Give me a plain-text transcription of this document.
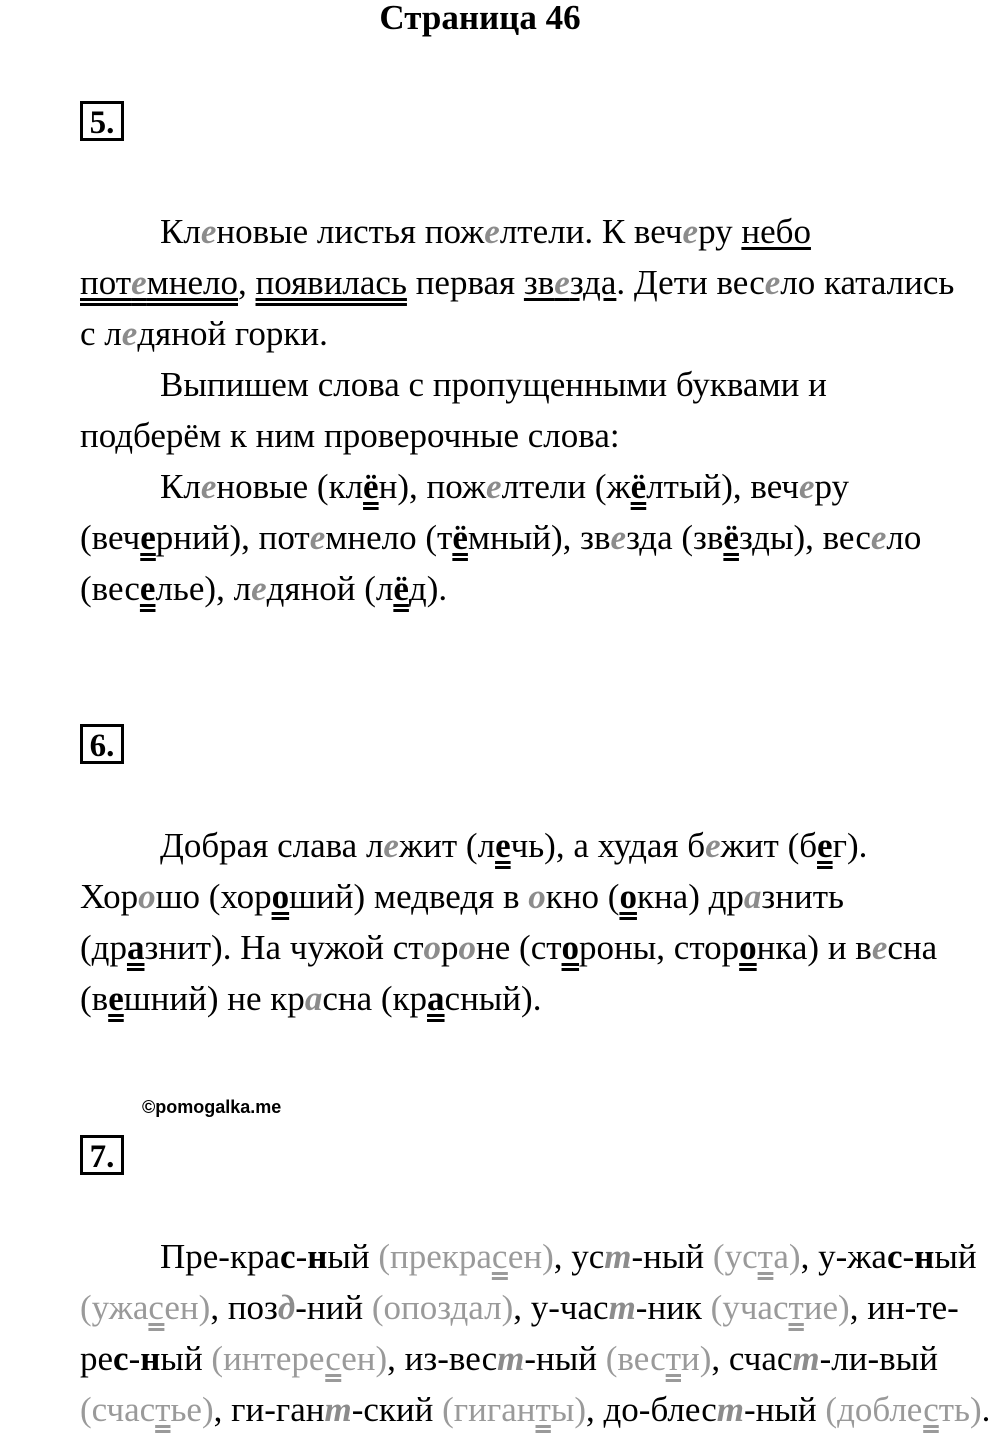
Страница 46
5.
Кленовые листья пожелтели. К вечеру небо
потемнело, появилась первая звезда. Дети весело катались
с ледяной горки.
Выпишем слова с пропущенными буквами и
подберём к ним проверочные слова:
Кленовые (клён), пожелтели (жёлтый), вечеру
(вечерний), потемнело (тёмный), звезда (звёзды), весело
(веселье), ледяной (лёд).
6.
Добрая слава лежит (лечь), а худая бежит (бег).
Хорошо (хороший) медведя в окно (окна) дразнить
(дразнит). На чужой стороне (стороны, сторонка) и весна
(вешний) не красна (красный).
©pomogalka.me
7.
Пре-крас-ный (прекрасен), уст-ный (уста), у-жас-ный
(ужасен), позд-ний (опоздал), у-част-ник (участие), ин-те-
рес-ный (интересен), из-вест-ный (вести), счаст-ли-вый
(счастье), ги-гант-ский (гиганты), до-блест-ный (доблесть).
